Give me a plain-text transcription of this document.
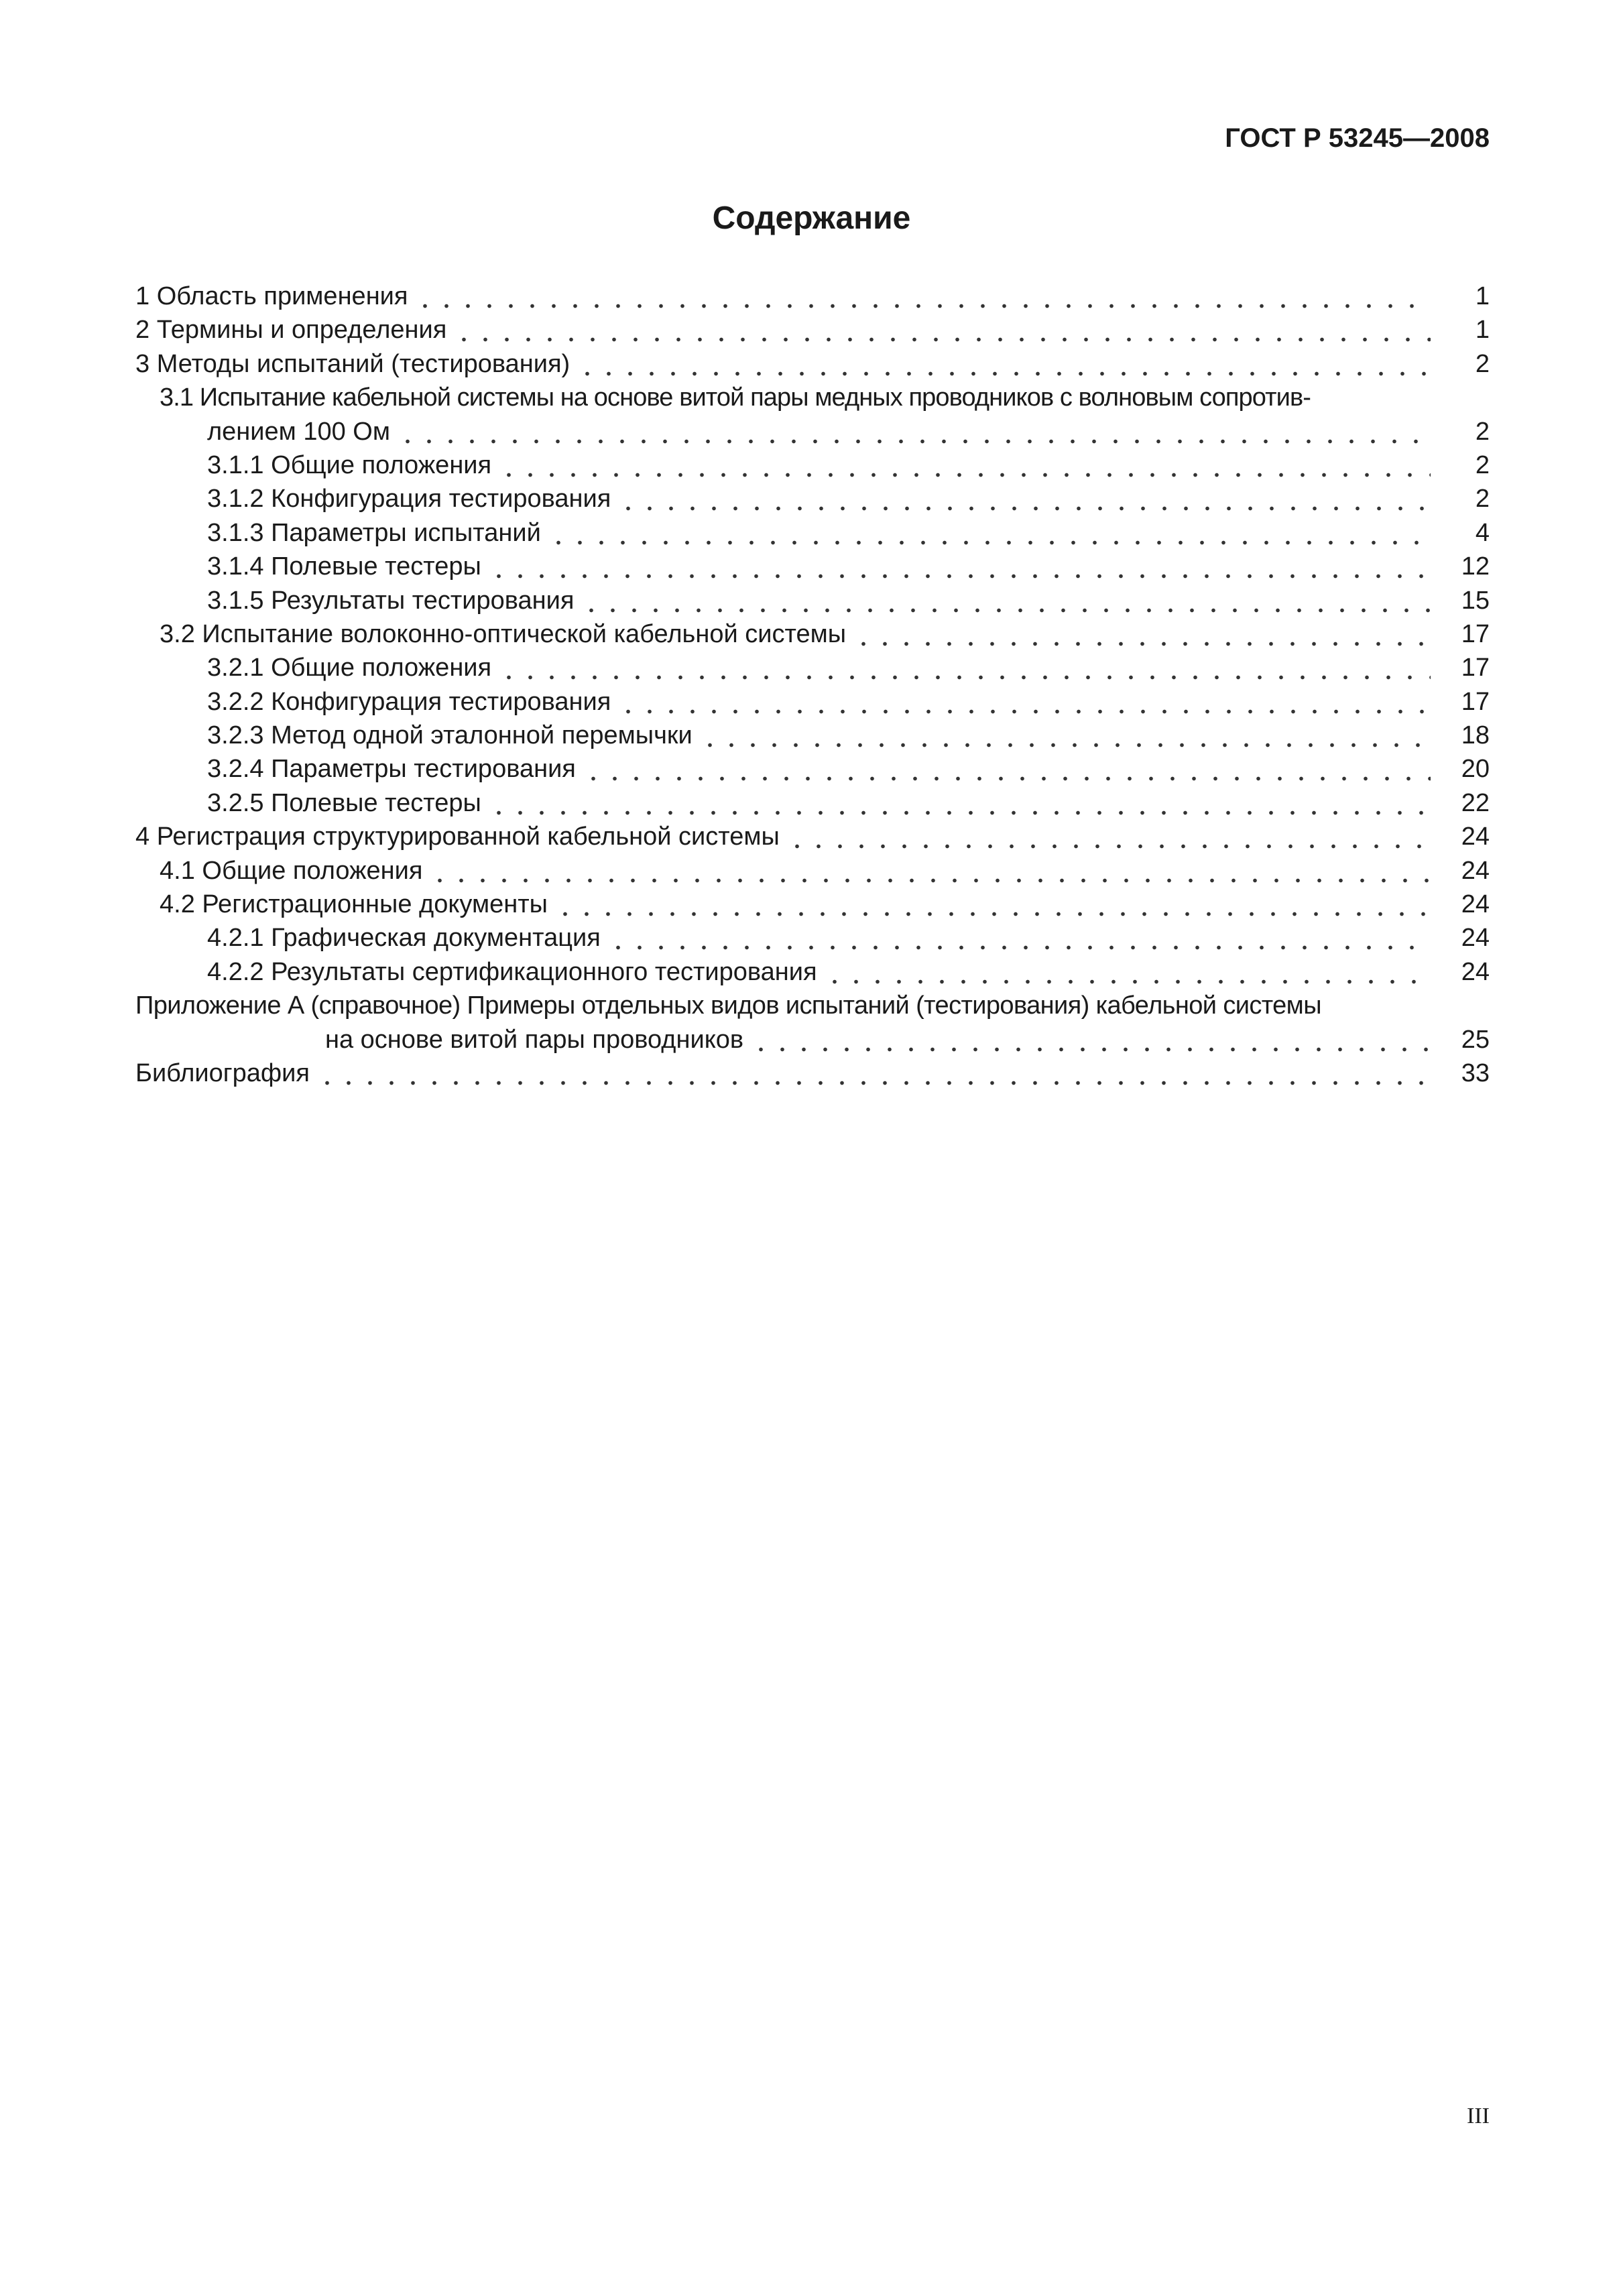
ГОСТ Р 53245—2008
Содержание
1 Область применения	1
2 Термины и определения	1
3 Методы испытаний (тестирования)	2
3.1 Испытание кабельной системы на основе витой пары медных проводников с волновым сопротив-
лением 100 Ом	2
3.1.1 Общие положения	2
3.1.2 Конфигурация тестирования	2
3.1.3 Параметры испытаний	4
3.1.4 Полевые тестеры	12
3.1.5 Результаты тестирования	15
3.2 Испытание волоконно-оптической кабельной системы	17
3.2.1 Общие положения	17
3.2.2 Конфигурация тестирования	17
3.2.3 Метод одной эталонной перемычки	18
3.2.4 Параметры тестирования	20
3.2.5 Полевые тестеры	22
4 Регистрация структурированной кабельной системы	24
4.1 Общие положения	24
4.2 Регистрационные документы	24
4.2.1 Графическая документация	24
4.2.2 Результаты сертификационного тестирования	24
Приложение А (справочное) Примеры отдельных видов испытаний (тестирования) кабельной системы
на основе витой пары проводников	25
Библиография	33
III
